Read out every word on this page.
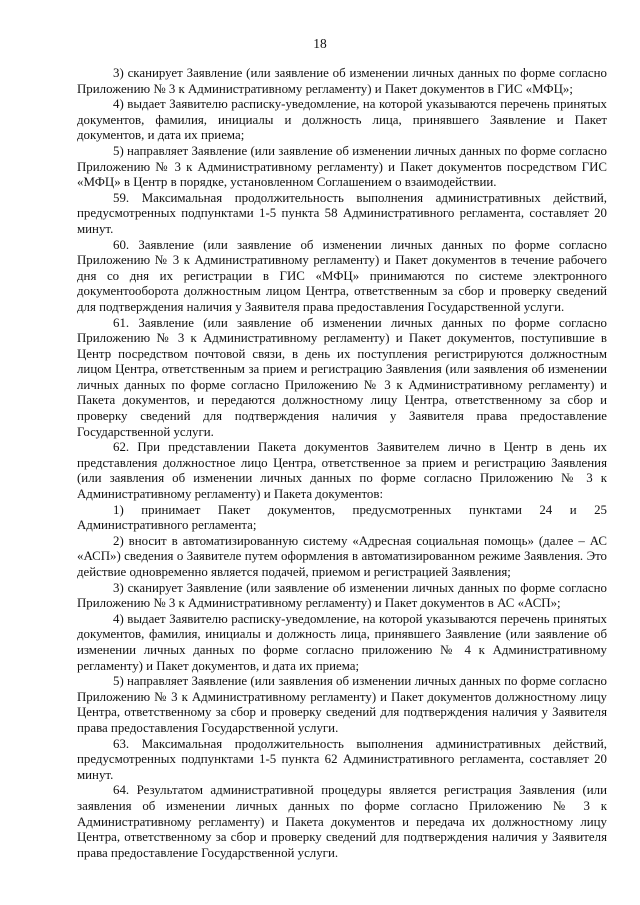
18

3) сканирует Заявление (или заявление об изменении личных данных по форме согласно Приложению № 3 к Административному регламенту) и Пакет документов в ГИС «МФЦ»;

4) выдает Заявителю расписку-уведомление, на которой указываются перечень принятых документов, фамилия, инициалы и должность лица, принявшего Заявление и Пакет документов, и дата их приема;

5) направляет Заявление (или заявление об изменении личных данных по форме согласно Приложению № 3 к Административному регламенту) и Пакет документов посредством ГИС «МФЦ» в Центр в порядке, установленном Соглашением о взаимодействии.

59. Максимальная продолжительность выполнения административных действий, предусмотренных подпунктами 1-5 пункта 58 Административного регламента, составляет 20 минут.

60. Заявление (или заявление об изменении личных данных по форме согласно Приложению № 3 к Административному регламенту) и Пакет документов в течение рабочего дня со дня их регистрации в ГИС «МФЦ» принимаются по системе электронного документооборота должностным лицом Центра, ответственным за сбор и проверку сведений для подтверждения наличия у Заявителя права предоставления Государственной услуги.

61. Заявление (или заявление об изменении личных данных по форме согласно Приложению № 3 к Административному регламенту) и Пакет документов, поступившие в Центр посредством почтовой связи, в день их поступления регистрируются должностным лицом Центра, ответственным за прием и регистрацию Заявления (или заявления об изменении личных данных по форме согласно Приложению № 3 к Административному регламенту) и Пакета документов, и передаются должностному лицу Центра, ответственному за сбор и проверку сведений для подтверждения наличия у Заявителя права предоставление Государственной услуги.

62. При представлении Пакета документов Заявителем лично в Центр в день их представления должностное лицо Центра, ответственное за прием и регистрацию Заявления (или заявления об изменении личных данных по форме согласно Приложению № 3 к Административному регламенту) и Пакета документов:

1) принимает Пакет документов, предусмотренных пунктами 24 и 25 Административного регламента;

2) вносит в автоматизированную систему «Адресная социальная помощь» (далее – АС «АСП») сведения о Заявителе путем оформления в автоматизированном режиме Заявления. Это действие одновременно является подачей, приемом и регистрацией Заявления;

3) сканирует Заявление (или заявление об изменении личных данных по форме согласно Приложению № 3 к Административному регламенту) и Пакет документов в АС «АСП»;

4) выдает Заявителю расписку-уведомление, на которой указываются перечень принятых документов, фамилия, инициалы и должность лица, принявшего Заявление (или заявление об изменении личных данных по форме согласно приложению № 4 к Административному регламенту) и Пакет документов, и дата их приема;

5) направляет Заявление (или заявления об изменении личных данных по форме согласно Приложению № 3 к Административному регламенту) и Пакет документов должностному лицу Центра, ответственному за сбор и проверку сведений для подтверждения наличия у Заявителя права предоставления Государственной услуги.

63. Максимальная продолжительность выполнения административных действий, предусмотренных подпунктами 1-5 пункта 62 Административного регламента, составляет 20 минут.

64. Результатом административной процедуры является регистрация Заявления (или заявления об изменении личных данных по форме согласно Приложению № 3 к Административному регламенту) и Пакета документов и передача их должностному лицу Центра, ответственному за сбор и проверку сведений для подтверждения наличия у Заявителя права предоставление Государственной услуги.
